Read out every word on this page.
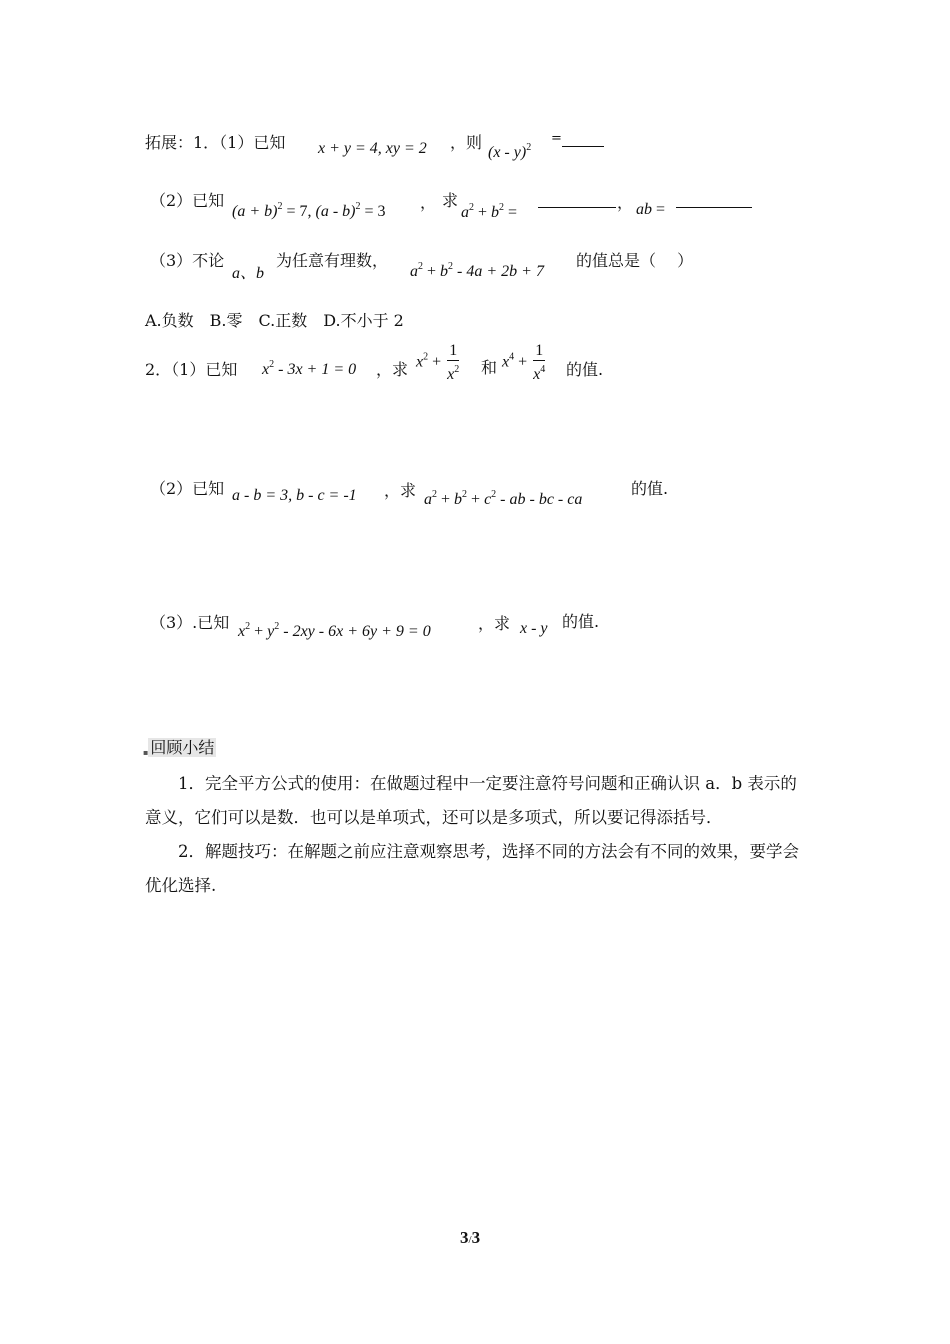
拓展：1．（1）已知 x + y = 4, xy = 2 ，则
(x - y)$^2$
=
（2）已知
$(a + b)^2 = 7$, (a - b)$^2$ = 3 ， 求
$a^2 + b^2$ =
， ab =
（3）不论
a、b
为任意有理数，
$a^2 + b^2 - 4a + 2b + 7$
的值总是（　 ）
A.负数　B.零　C.正数　D.不小于 2
2．（1）已知 $x^2 - 3x + 1 = 0$ ，求 $x^2 + \frac{1}{x^2}$ 和 $x^4 + \frac{1}{x^4}$ 的值.
（2）已知 a - b = 3, b - c = -1 ，求 $a^2 + b^2 + c^2$ - ab - bc - ca
的值.
（3）.已知 $x^2 + y^2 - 2xy - 6x + 6y + 9 = 0$	，求 x - y 的值.
▪ 回顾小结

　　1．完全平方公式的使用：在做题过程中一定要注意符号问题和正确认识 a．b 表示的意义，它们可以是数．也可以是单项式，还可以是多项式，所以要记得添括号．

　　2．解题技巧：在解题之前应注意观察思考，选择不同的方法会有不同的效果，要学会优化选择.

3/3
